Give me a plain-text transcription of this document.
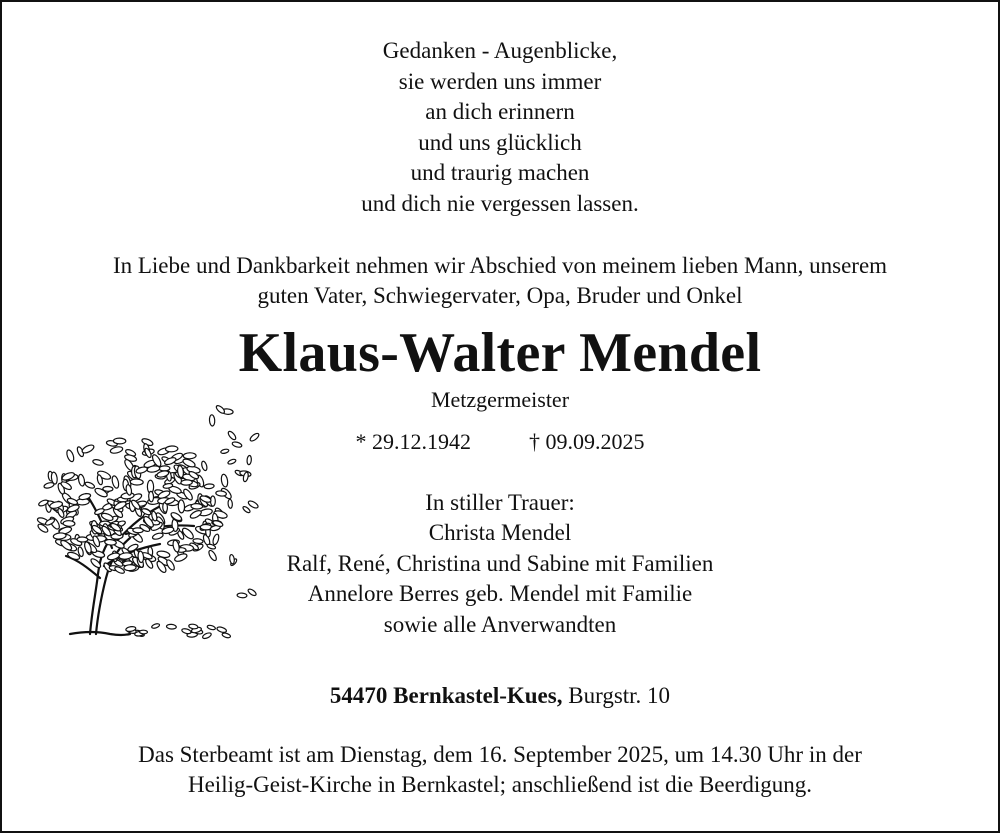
Gedanken - Augenblicke,
sie werden uns immer
an dich erinnern
und uns glücklich
und traurig machen
und dich nie vergessen lassen.
In Liebe und Dankbarkeit nehmen wir Abschied von meinem lieben Mann, unserem
guten Vater, Schwiegervater, Opa, Bruder und Onkel
Klaus-Walter Mendel
Metzgermeister
* 29.12.1942	† 09.09.2025
In stiller Trauer:
Christa Mendel
Ralf, René, Christina und Sabine mit Familien
Annelore Berres geb. Mendel mit Familie
sowie alle Anverwandten
54470 Bernkastel-Kues, Burgstr. 10
Das Sterbeamt ist am Dienstag, dem 16. September 2025, um 14.30 Uhr in der
Heilig-Geist-Kirche in Bernkastel; anschließend ist die Beerdigung.
